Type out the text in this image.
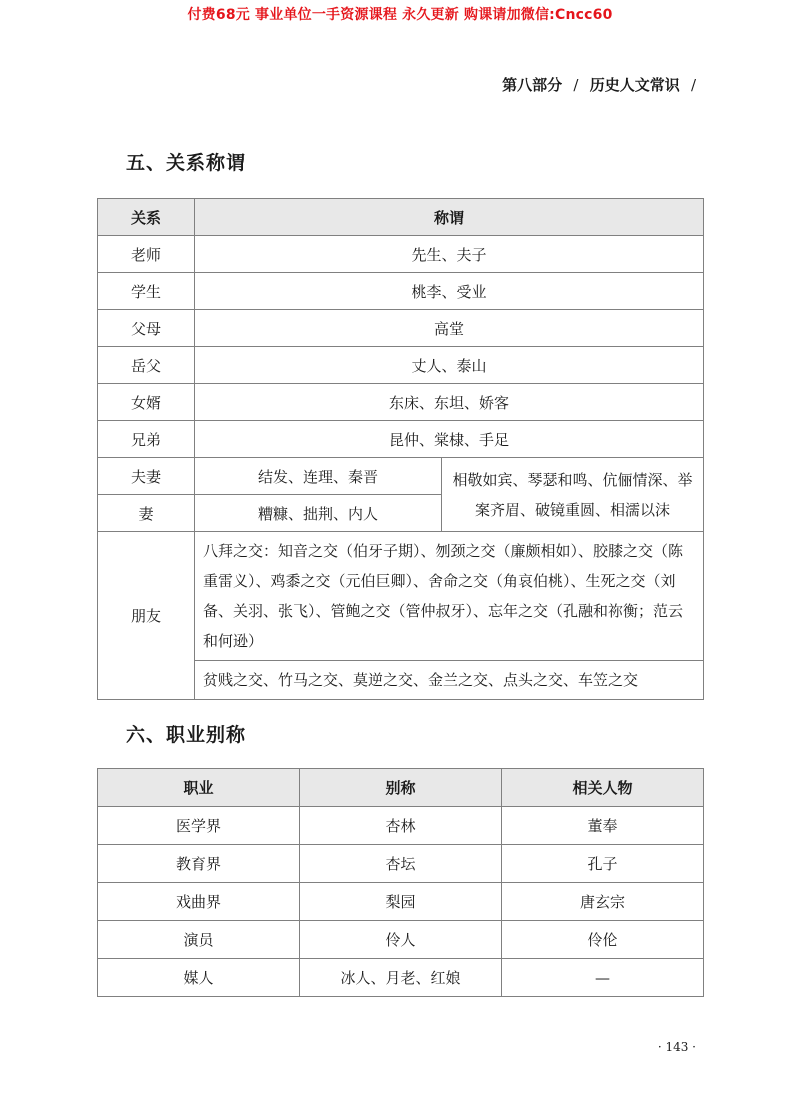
付费68元 事业单位一手资源课程 永久更新 购课请加微信:Cncc60
第八部分 / 历史人文常识 /
五、关系称谓
关系	称谓	
老师	先生、夫子	
学生	桃李、受业	
父母	高堂	
岳父	丈人、泰山	
女婿	东床、东坦、娇客	
兄弟	昆仲、棠棣、手足	
夫妻	结发、连理、秦晋	相敬如宾、琴瑟和鸣、伉俪情深、举案齐眉、破镜重圆、相濡以沫
妻	糟糠、拙荆、内人	
朋友	八拜之交：知音之交（伯牙子期）、刎颈之交（廉颇相如）、胶膝之交（陈重雷义）、鸡黍之交（元伯巨卿）、舍命之交（角哀伯桃）、生死之交（刘备、关羽、张飞）、管鲍之交（管仲叔牙）、忘年之交（孔融和祢衡；范云和何逊）	
	贫贱之交、竹马之交、莫逆之交、金兰之交、点头之交、车笠之交	
六、职业别称
职业	别称	相关人物
医学界	杏林	董奉
教育界	杏坛	孔子
戏曲界	梨园	唐玄宗
演员	伶人	伶伦
媒人	冰人、月老、红娘	—
· 143 ·
